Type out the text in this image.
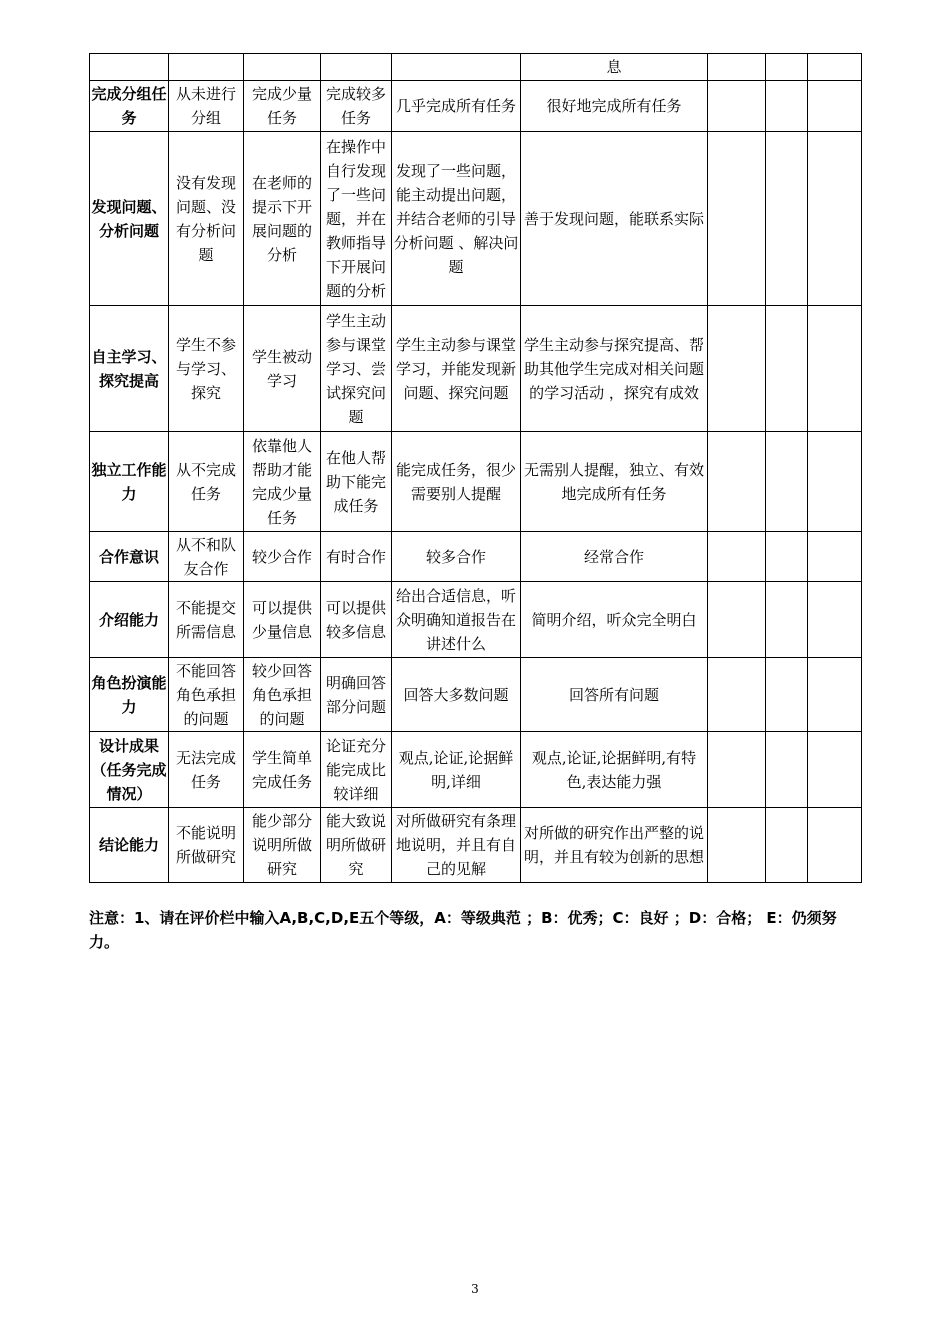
					息			
完成分组任务	从未进行分组	完成少量任务	完成较多任务	几乎完成所有任务	很好地完成所有任务			
发现问题、分析问题	没有发现问题、没有分析问题	在老师的提示下开展问题的分析	在操作中自行发现了一些问题，并在教师指导下开展问题的分析	发现了一些问题，能主动提出问题，并结合老师的引导分析问题 、解决问题	善于发现问题，能联系实际			
自主学习、探究提高	学生不参与学习、探究	学生被动学习	学生主动参与课堂学习、尝试探究问题	学生主动参与课堂学习，并能发现新问题、探究问题	学生主动参与探究提高、帮助其他学生完成对相关问题的学习活动 ，探究有成效			
独立工作能力	从不完成任务	依靠他人帮助才能完成少量任务	在他人帮助下能完成任务	能完成任务，很少需要别人提醒	无需别人提醒，独立、有效地完成所有任务			
合作意识	从不和队友合作	较少合作	有时合作	较多合作	经常合作			
介绍能力	不能提交所需信息	可以提供少量信息	可以提供较多信息	给出合适信息，听众明确知道报告在讲述什么	简明介绍，听众完全明白			
角色扮演能力	不能回答角色承担的问题	较少回答角色承担的问题	明确回答部分问题	回答大多数问题	回答所有问题			
设计成果（任务完成情况）	无法完成任务	学生简单完成任务	论证充分能完成比较详细	观点,论证,论据鲜明,详细	观点,论证,论据鲜明,有特色,表达能力强			
结论能力	不能说明所做研究	能少部分说明所做研究	能大致说明所做研究	对所做研究有条理地说明，并且有自己的见解	对所做的研究作出严整的说明，并且有较为创新的思想			
注意：1、请在评价栏中输入A,B,C,D,E五个等级，A：等级典范 ；B：优秀；C：良好 ；D：合格； E：仍须努力。
3
